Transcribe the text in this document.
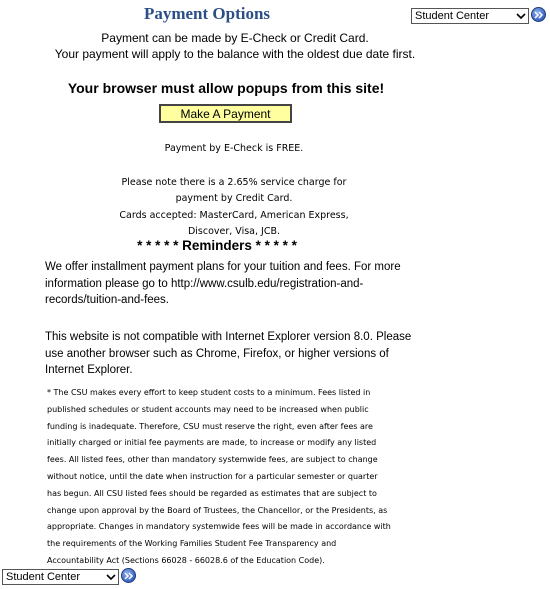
Payment Options	Student Center
Payment can be made by E-Check or Credit Card.
Your payment will apply to the balance with the oldest due date first.
Your browser must allow popups from this site!
Make A Payment
Payment by E-Check is FREE.
Please note there is a 2.65% service charge for
payment by Credit Card.
Cards accepted: MasterCard, American Express,
Discover, Visa, JCB.
* * * * * Reminders * * * * *
We offer installment payment plans for your tuition and fees. For more
information please go to http://www.csulb.edu/registration-and-
records/tuition-and-fees.
This website is not compatible with Internet Explorer version 8.0. Please
use another browser such as Chrome, Firefox, or higher versions of
Internet Explorer.
* The CSU makes every effort to keep student costs to a minimum. Fees listed in
published schedules or student accounts may need to be increased when public
funding is inadequate. Therefore, CSU must reserve the right, even after fees are
initially charged or initial fee payments are made, to increase or modify any listed
fees. All listed fees, other than mandatory systemwide fees, are subject to change
without notice, until the date when instruction for a particular semester or quarter
has begun. All CSU listed fees should be regarded as estimates that are subject to
change upon approval by the Board of Trustees, the Chancellor, or the Presidents, as
appropriate. Changes in mandatory systemwide fees will be made in accordance with
the requirements of the Working Families Student Fee Transparency and
Accountability Act (Sections 66028 - 66028.6 of the Education Code).
Student Center
